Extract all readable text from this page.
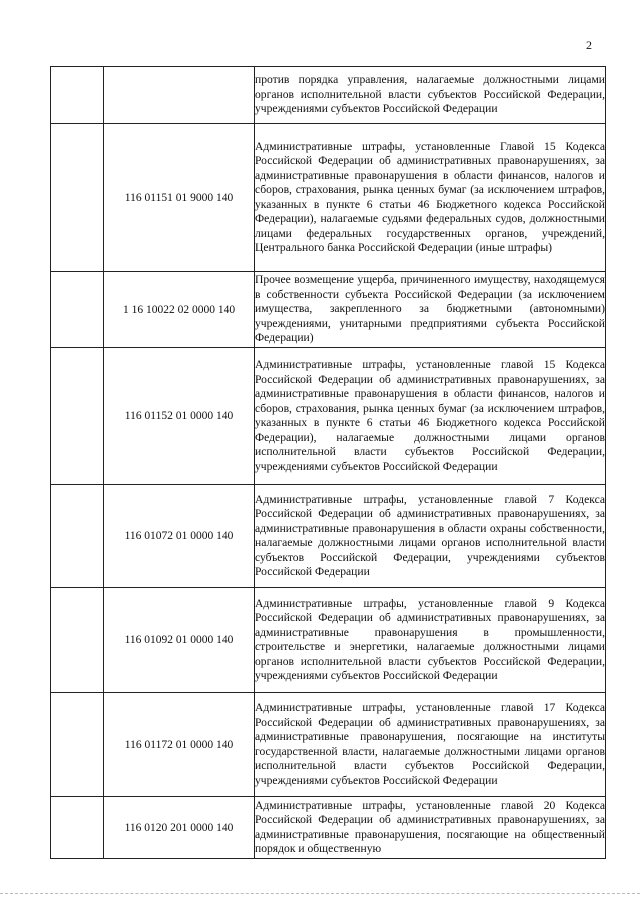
2
		против порядка управления, налагаемые должностными лицами органов исполнительной власти субъектов Российской Федерации, учреждениями субъектов Российской Федерации
	116 01151 01 9000 140	Административные штрафы, установленные Главой 15 Кодекса Российской Федерации об административных правонарушениях, за административные правонарушения в области финансов, налогов и сборов, страхования, рынка ценных бумаг (за исключением штрафов, указанных в пункте 6 статьи 46 Бюджетного кодекса Российской Федерации), налагаемые судьями федеральных судов, должностными лицами федеральных государственных органов, учреждений, Центрального банка Российской Федерации (иные штрафы)
	1 16 10022 02 0000 140	Прочее возмещение ущерба, причиненного имуществу, находящемуся в собственности субъекта Российской Федерации (за исключением имущества, закрепленного за бюджетными (автономными) учреждениями, унитарными предприятиями субъекта Российской Федерации)
	116 01152 01 0000 140	Административные штрафы, установленные главой 15 Кодекса Российской Федерации об административных правонарушениях, за административные правонарушения в области финансов, налогов и сборов, страхования, рынка ценных бумаг (за исключением штрафов, указанных в пункте 6 статьи 46 Бюджетного кодекса Российской Федерации), налагаемые должностными лицами органов исполнительной власти субъектов Российской Федерации, учреждениями субъектов Российской Федерации
	116 01072 01 0000 140	Административные штрафы, установленные главой 7 Кодекса Российской Федерации об административных правонарушениях, за административные правонарушения в области охраны собственности, налагаемые должностными лицами органов исполнительной власти субъектов Российской Федерации, учреждениями субъектов Российской Федерации
	116 01092 01 0000 140	Административные штрафы, установленные главой 9 Кодекса Российской Федерации об административных правонарушениях, за административные правонарушения в промышленности, строительстве и энергетики, налагаемые должностными лицами органов исполнительной власти субъектов Российской Федерации, учреждениями субъектов Российской Федерации
	116 01172 01 0000 140	Административные штрафы, установленные главой 17 Кодекса Российской Федерации об административных правонарушениях, за административные правонарушения, посягающие на институты государственной власти, налагаемые должностными лицами органов исполнительной власти субъектов Российской Федерации, учреждениями субъектов Российской Федерации
	116 0120 201 0000 140	Административные штрафы, установленные главой 20 Кодекса Российской Федерации об административных правонарушениях, за административные правонарушения, посягающие на общественный порядок и общественную
